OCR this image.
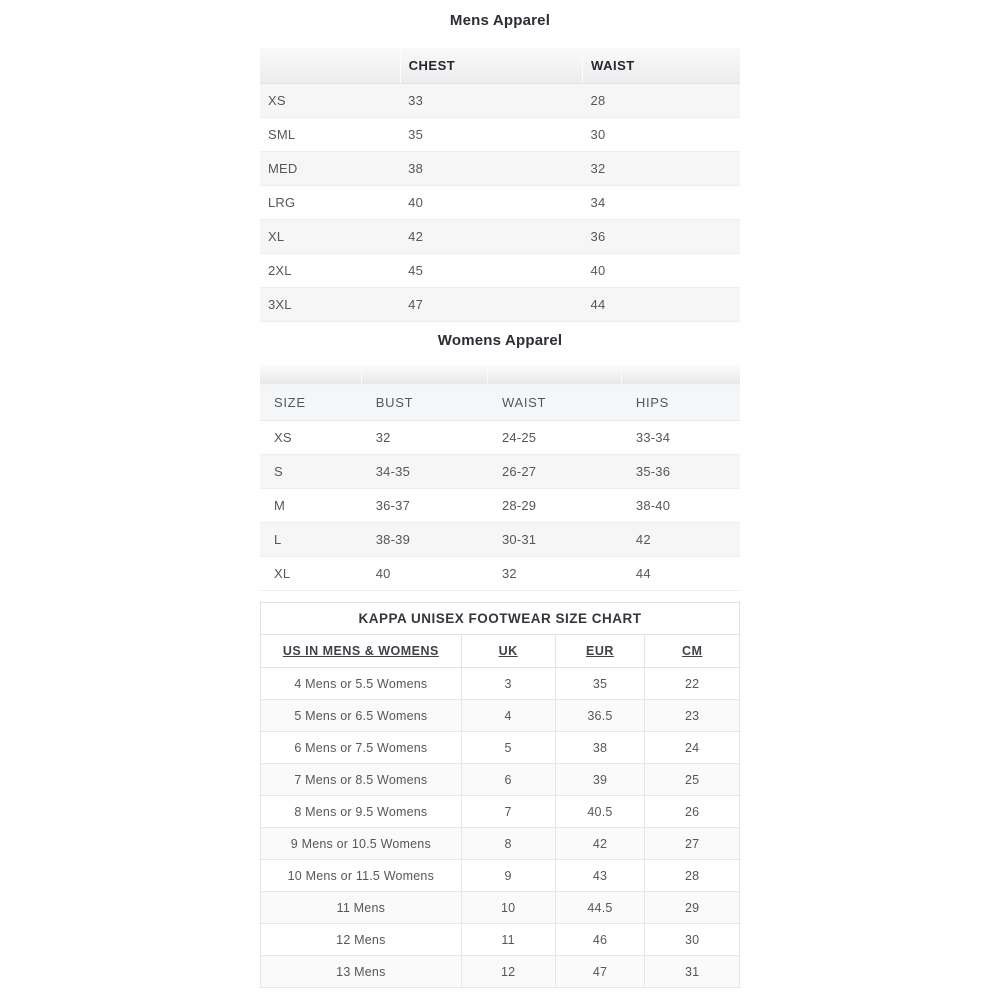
Mens Apparel
	CHEST	WAIST
XS	33	28
SML	35	30
MED	38	32
LRG	40	34
XL	42	36
2XL	45	40
3XL	47	44
Womens Apparel

SIZE	BUST	WAIST	HIPS
XS	32	24-25	33-34
S	34-35	26-27	35-36
M	36-37	28-29	38-40
L	38-39	30-31	42
XL	40	32	44
KAPPA UNISEX FOOTWEAR SIZE CHART			
US IN MENS & WOMENS	UK	EUR	CM
4 Mens or 5.5 Womens	3	35	22
5 Mens or 6.5 Womens	4	36.5	23
6 Mens or 7.5 Womens	5	38	24
7 Mens or 8.5 Womens	6	39	25
8 Mens or 9.5 Womens	7	40.5	26
9 Mens or 10.5 Womens	8	42	27
10 Mens or 11.5 Womens	9	43	28
11 Mens	10	44.5	29
12 Mens	11	46	30
13 Mens	12	47	31
